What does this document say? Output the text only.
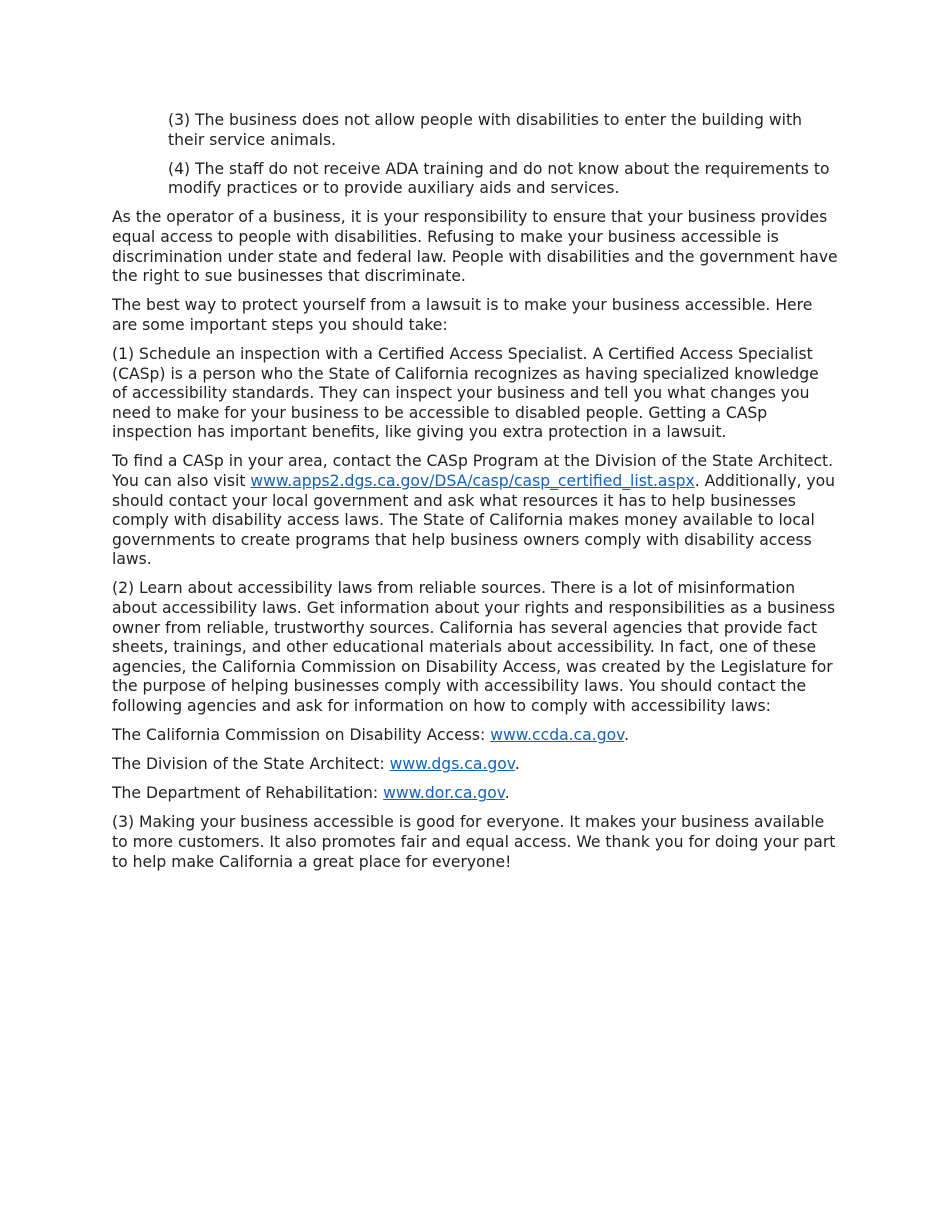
(3) The business does not allow people with disabilities to enter the building with their service animals.

(4) The staff do not receive ADA training and do not know about the requirements to modify practices or to provide auxiliary aids and services.

As the operator of a business, it is your responsibility to ensure that your business provides equal access to people with disabilities. Refusing to make your business accessible is discrimination under state and federal law. People with disabilities and the government have the right to sue businesses that discriminate.

The best way to protect yourself from a lawsuit is to make your business accessible. Here are some important steps you should take:

(1) Schedule an inspection with a Certified Access Specialist. A Certified Access Specialist (CASp) is a person who the State of California recognizes as having specialized knowledge of accessibility standards. They can inspect your business and tell you what changes you need to make for your business to be accessible to disabled people. Getting a CASp inspection has important benefits, like giving you extra protection in a lawsuit.

To find a CASp in your area, contact the CASp Program at the Division of the State Architect. You can also visit www.apps2.dgs.ca.gov/DSA/casp/casp_certified_list.aspx. Additionally, you should contact your local government and ask what resources it has to help businesses comply with disability access laws. The State of California makes money available to local governments to create programs that help business owners comply with disability access laws.

(2) Learn about accessibility laws from reliable sources. There is a lot of misinformation about accessibility laws. Get information about your rights and responsibilities as a business owner from reliable, trustworthy sources. California has several agencies that provide fact sheets, trainings, and other educational materials about accessibility. In fact, one of these agencies, the California Commission on Disability Access, was created by the Legislature for the purpose of helping businesses comply with accessibility laws. You should contact the following agencies and ask for information on how to comply with accessibility laws:

The California Commission on Disability Access: www.ccda.ca.gov.

The Division of the State Architect: www.dgs.ca.gov.

The Department of Rehabilitation: www.dor.ca.gov.

(3) Making your business accessible is good for everyone. It makes your business available to more customers. It also promotes fair and equal access. We thank you for doing your part to help make California a great place for everyone!
